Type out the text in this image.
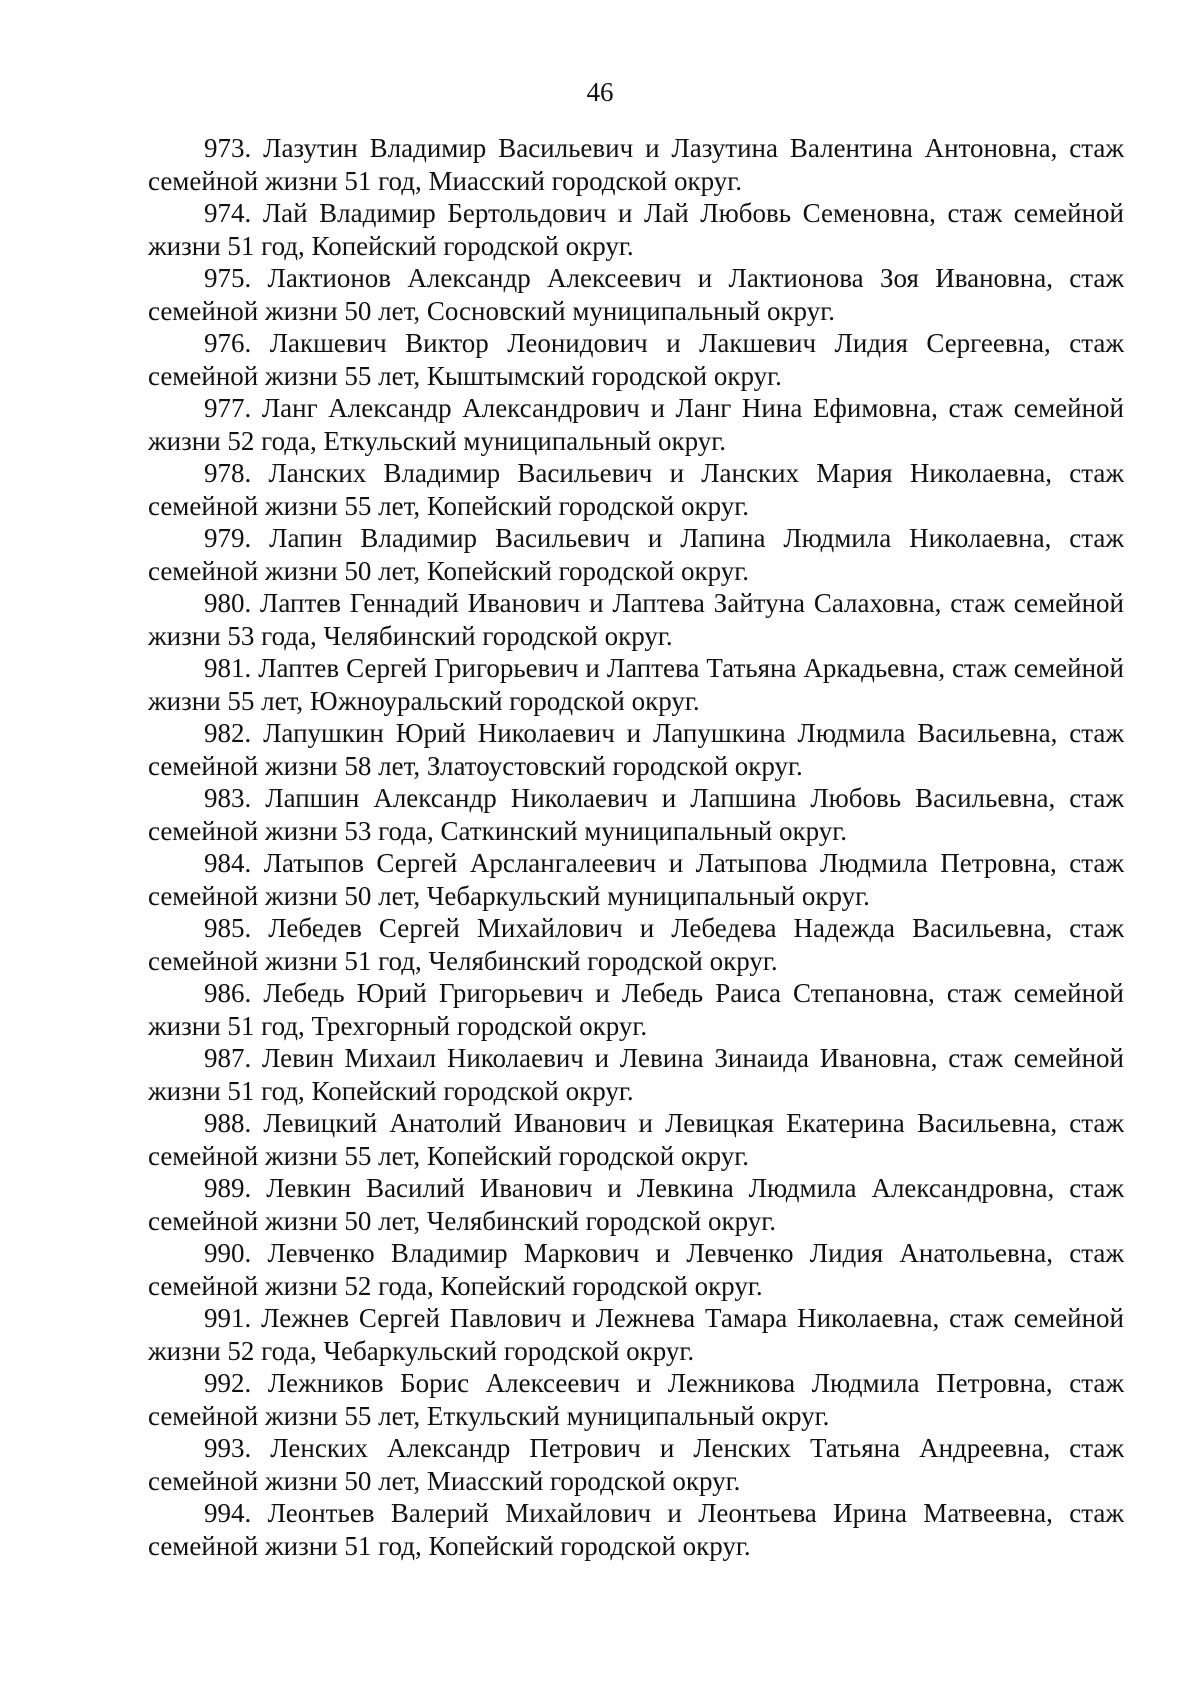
46

973. Лазутин Владимир Васильевич и Лазутина Валентина Антоновна, стаж семейной жизни 51 год, Миасский городской округ.

974. Лай Владимир Бертольдович и Лай Любовь Семеновна, стаж семейной жизни 51 год, Копейский городской округ.

975. Лактионов Александр Алексеевич и Лактионова Зоя Ивановна, стаж семейной жизни 50 лет, Сосновский муниципальный округ.

976. Лакшевич Виктор Леонидович и Лакшевич Лидия Сергеевна, стаж семейной жизни 55 лет, Кыштымский городской округ.

977. Ланг Александр Александрович и Ланг Нина Ефимовна, стаж семейной жизни 52 года, Еткульский муниципальный округ.

978. Ланских Владимир Васильевич и Ланских Мария Николаевна, стаж семейной жизни 55 лет, Копейский городской округ.

979. Лапин Владимир Васильевич и Лапина Людмила Николаевна, стаж семейной жизни 50 лет, Копейский городской округ.

980. Лаптев Геннадий Иванович и Лаптева Зайтуна Салаховна, стаж семейной жизни 53 года, Челябинский городской округ.

981. Лаптев Сергей Григорьевич и Лаптева Татьяна Аркадьевна, стаж семейной жизни 55 лет, Южноуральский городской округ.

982. Лапушкин Юрий Николаевич и Лапушкина Людмила Васильевна, стаж семейной жизни 58 лет, Златоустовский городской округ.

983. Лапшин Александр Николаевич и Лапшина Любовь Васильевна, стаж семейной жизни 53 года, Саткинский муниципальный округ.

984. Латыпов Сергей Арслангалеевич и Латыпова Людмила Петровна, стаж семейной жизни 50 лет, Чебаркульский муниципальный округ.

985. Лебедев Сергей Михайлович и Лебедева Надежда Васильевна, стаж семейной жизни 51 год, Челябинский городской округ.

986. Лебедь Юрий Григорьевич и Лебедь Раиса Степановна, стаж семейной жизни 51 год, Трехгорный городской округ.

987. Левин Михаил Николаевич и Левина Зинаида Ивановна, стаж семейной жизни 51 год, Копейский городской округ.

988. Левицкий Анатолий Иванович и Левицкая Екатерина Васильевна, стаж семейной жизни 55 лет, Копейский городской округ.

989. Левкин Василий Иванович и Левкина Людмила Александровна, стаж семейной жизни 50 лет, Челябинский городской округ.

990. Левченко Владимир Маркович и Левченко Лидия Анатольевна, стаж семейной жизни 52 года, Копейский городской округ.

991. Лежнев Сергей Павлович и Лежнева Тамара Николаевна, стаж семейной жизни 52 года, Чебаркульский городской округ.

992. Лежников Борис Алексеевич и Лежникова Людмила Петровна, стаж семейной жизни 55 лет, Еткульский муниципальный округ.

993. Ленских Александр Петрович и Ленских Татьяна Андреевна, стаж семейной жизни 50 лет, Миасский городской округ.

994. Леонтьев Валерий Михайлович и Леонтьева Ирина Матвеевна, стаж семейной жизни 51 год, Копейский городской округ.
